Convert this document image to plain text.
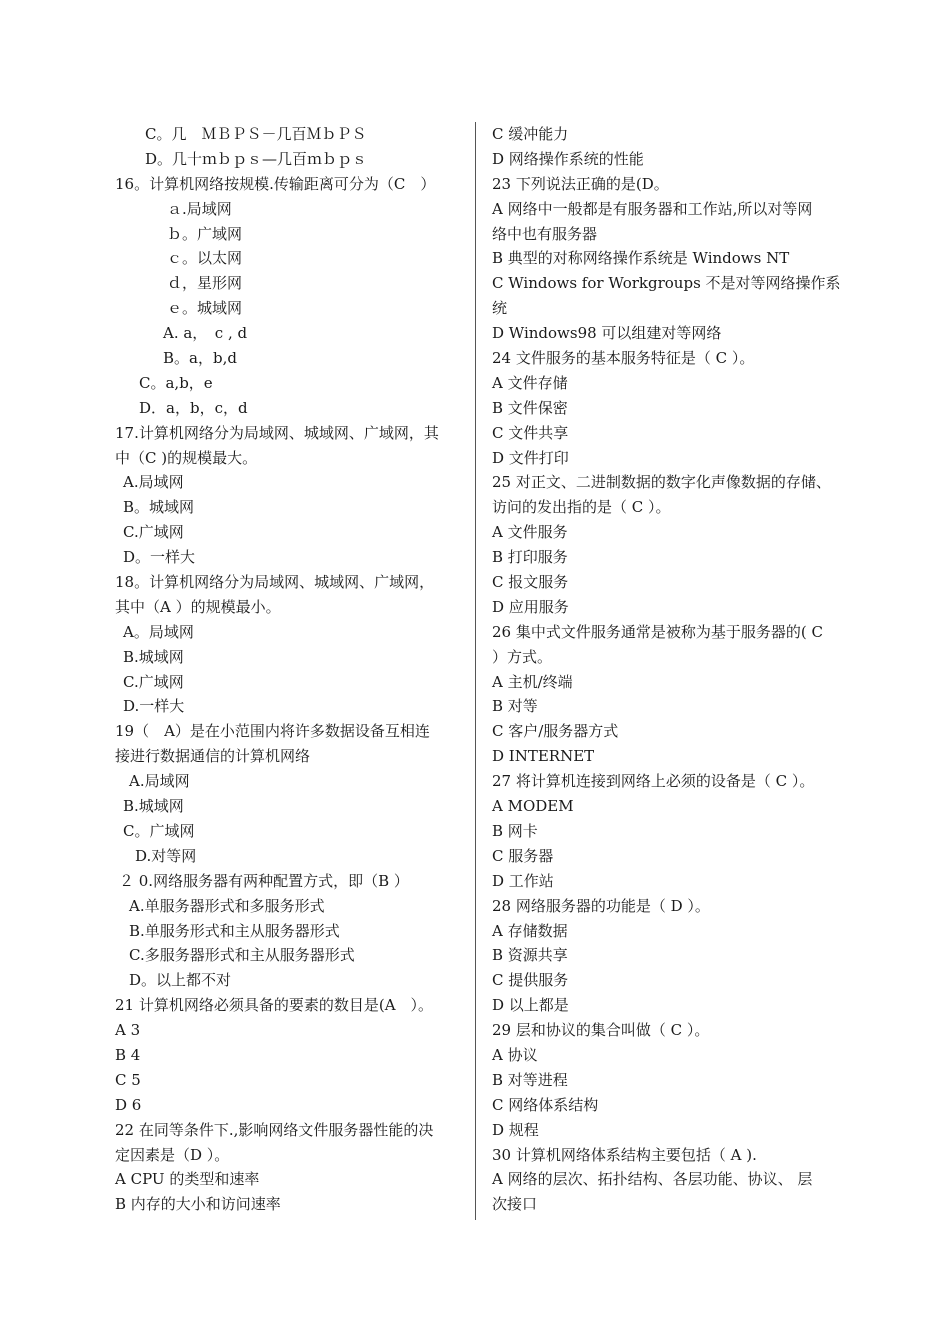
C。几　ＭＢＰＳ－几百ＭｂＰＳ
D。几十ｍｂｐｓ—几百ｍｂｐｓ
16。计算机网络按规模.传输距离可分为（C　）
ａ.局域网
ｂ。广域网
ｃ。以太网
ｄ，星形网
ｅ。城域网
A. a，　c , d
B。a，b,d
C。a,b，e
D．a，b，c，d
17.计算机网络分为局域网、城域网、广域网，其
中（C )的规模最大。
A.局域网
B。城域网
C.广域网
D。一样大
18。计算机网络分为局域网、城域网、广域网，
其中（A ）的规模最小。
A。局域网
B.城域网
C.广域网
D.一样大
19（　A）是在小范围内将许多数据设备互相连
接进行数据通信的计算机网络
A.局域网
B.城域网
C。广域网
D.对等网
２ 0.网络服务器有两种配置方式，即（B ）
A.单服务器形式和多服务形式
B.单服务形式和主从服务器形式
C.多服务器形式和主从服务器形式
D。以上都不对
21 计算机网络必须具备的要素的数目是(A　）。
A 3
B 4
C 5
D 6
22 在同等条件下.,影响网络文件服务器性能的决
定因素是（D ）。
A CPU 的类型和速率
B 内存的大小和访问速率
C 缓冲能力
D 网络操作系统的性能
23 下列说法正确的是(D。
A 网络中一般都是有服务器和工作站,所以对等网
络中也有服务器
B 典型的对称网络操作系统是 Windows NT
C Windows for Workgroups 不是对等网络操作系
统
D Windows98 可以组建对等网络
24 文件服务的基本服务特征是（ C ）。
A 文件存储
B 文件保密
C 文件共享
D 文件打印
25 对正文、二进制数据的数字化声像数据的存储、
访问的发出指的是（ C ）。
A 文件服务
B 打印服务
C 报文服务
D 应用服务
26 集中式文件服务通常是被称为基于服务器的( C
）方式。
A 主机/终端
B 对等
C 客户/服务器方式
D INTERNET
27 将计算机连接到网络上必须的设备是（ C ）。
A MODEM
B 网卡
C 服务器
D 工作站
28 网络服务器的功能是（ D ）。
A 存储数据
B 资源共享
C 提供服务
D 以上都是
29 层和协议的集合叫做（ C ）。
A 协议
B 对等进程
C 网络体系结构
D 规程
30 计算机网络体系结构主要包括（ A ).
A 网络的层次、拓扑结构、各层功能、协议、 层
次接口
